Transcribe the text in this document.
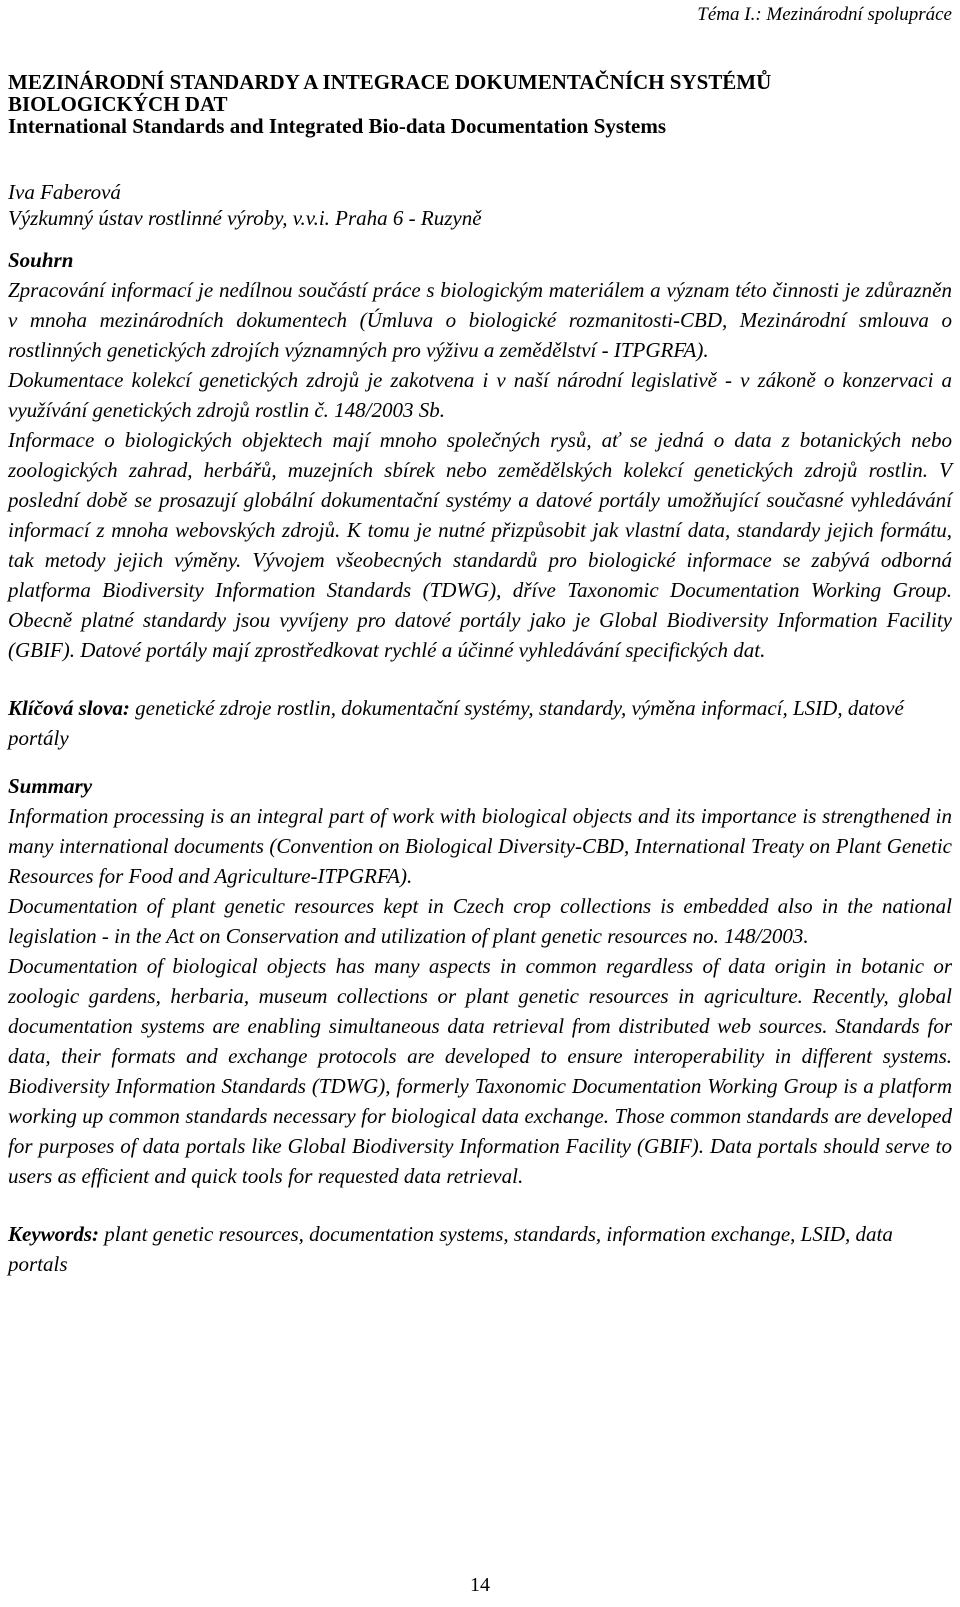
Téma I.: Mezinárodní spolupráce
MEZINÁRODNÍ STANDARDY A INTEGRACE DOKUMENTAČNÍCH SYSTÉMŮ
BIOLOGICKÝCH DAT
International Standards and Integrated Bio-data Documentation Systems
Iva Faberová
Výzkumný ústav rostlinné výroby, v.v.i. Praha 6 - Ruzyně
Souhrn

Zpracování informací je nedílnou součástí práce s biologickým materiálem a význam této činnosti je zdůrazněn v mnoha mezinárodních dokumentech (Úmluva o biologické rozmanitosti-CBD, Mezinárodní smlouva o rostlinných genetických zdrojích významných pro výživu a zemědělství - ITPGRFA).

Dokumentace kolekcí genetických zdrojů je zakotvena i v naší národní legislativě - v zákoně o konzervaci a využívání genetických zdrojů rostlin č. 148/2003 Sb.

Informace o biologických objektech mají mnoho společných rysů, ať se jedná o data z botanických nebo zoologických zahrad, herbářů, muzejních sbírek nebo zemědělských kolekcí genetických zdrojů rostlin. V poslední době se prosazují globální dokumentační systémy a datové portály umožňující současné vyhledávání informací z mnoha webovských zdrojů. K tomu je nutné přizpůsobit jak vlastní data, standardy jejich formátu, tak metody jejich výměny. Vývojem všeobecných standardů pro biologické informace se zabývá odborná platforma Biodiversity Information Standards (TDWG), dříve Taxonomic Documentation Working Group. Obecně platné standardy jsou vyvíjeny pro datové portály jako je Global Biodiversity Information Facility (GBIF). Datové portály mají zprostředkovat rychlé a účinné vyhledávání specifických dat.

Klíčová slova: genetické zdroje rostlin, dokumentační systémy, standardy, výměna informací, LSID, datové portály
Summary

Information processing is an integral part of work with biological objects and its importance is strengthened in many international documents (Convention on Biological Diversity-CBD, International Treaty on Plant Genetic Resources for Food and Agriculture-ITPGRFA).

Documentation of plant genetic resources kept in Czech crop collections is embedded also in the national legislation - in the Act on Conservation and utilization of plant genetic resources no. 148/2003.

Documentation of biological objects has many aspects in common regardless of data origin in botanic or zoologic gardens, herbaria, museum collections or plant genetic resources in agriculture. Recently, global documentation systems are enabling simultaneous data retrieval from distributed web sources. Standards for data, their formats and exchange protocols are developed to ensure interoperability in different systems. Biodiversity Information Standards (TDWG), formerly Taxonomic Documentation Working Group is a platform working up common standards necessary for biological data exchange. Those common standards are developed for purposes of data portals like Global Biodiversity Information Facility (GBIF). Data portals should serve to users as efficient and quick tools for requested data retrieval.

Keywords: plant genetic resources, documentation systems, standards, information exchange, LSID, data portals
14
